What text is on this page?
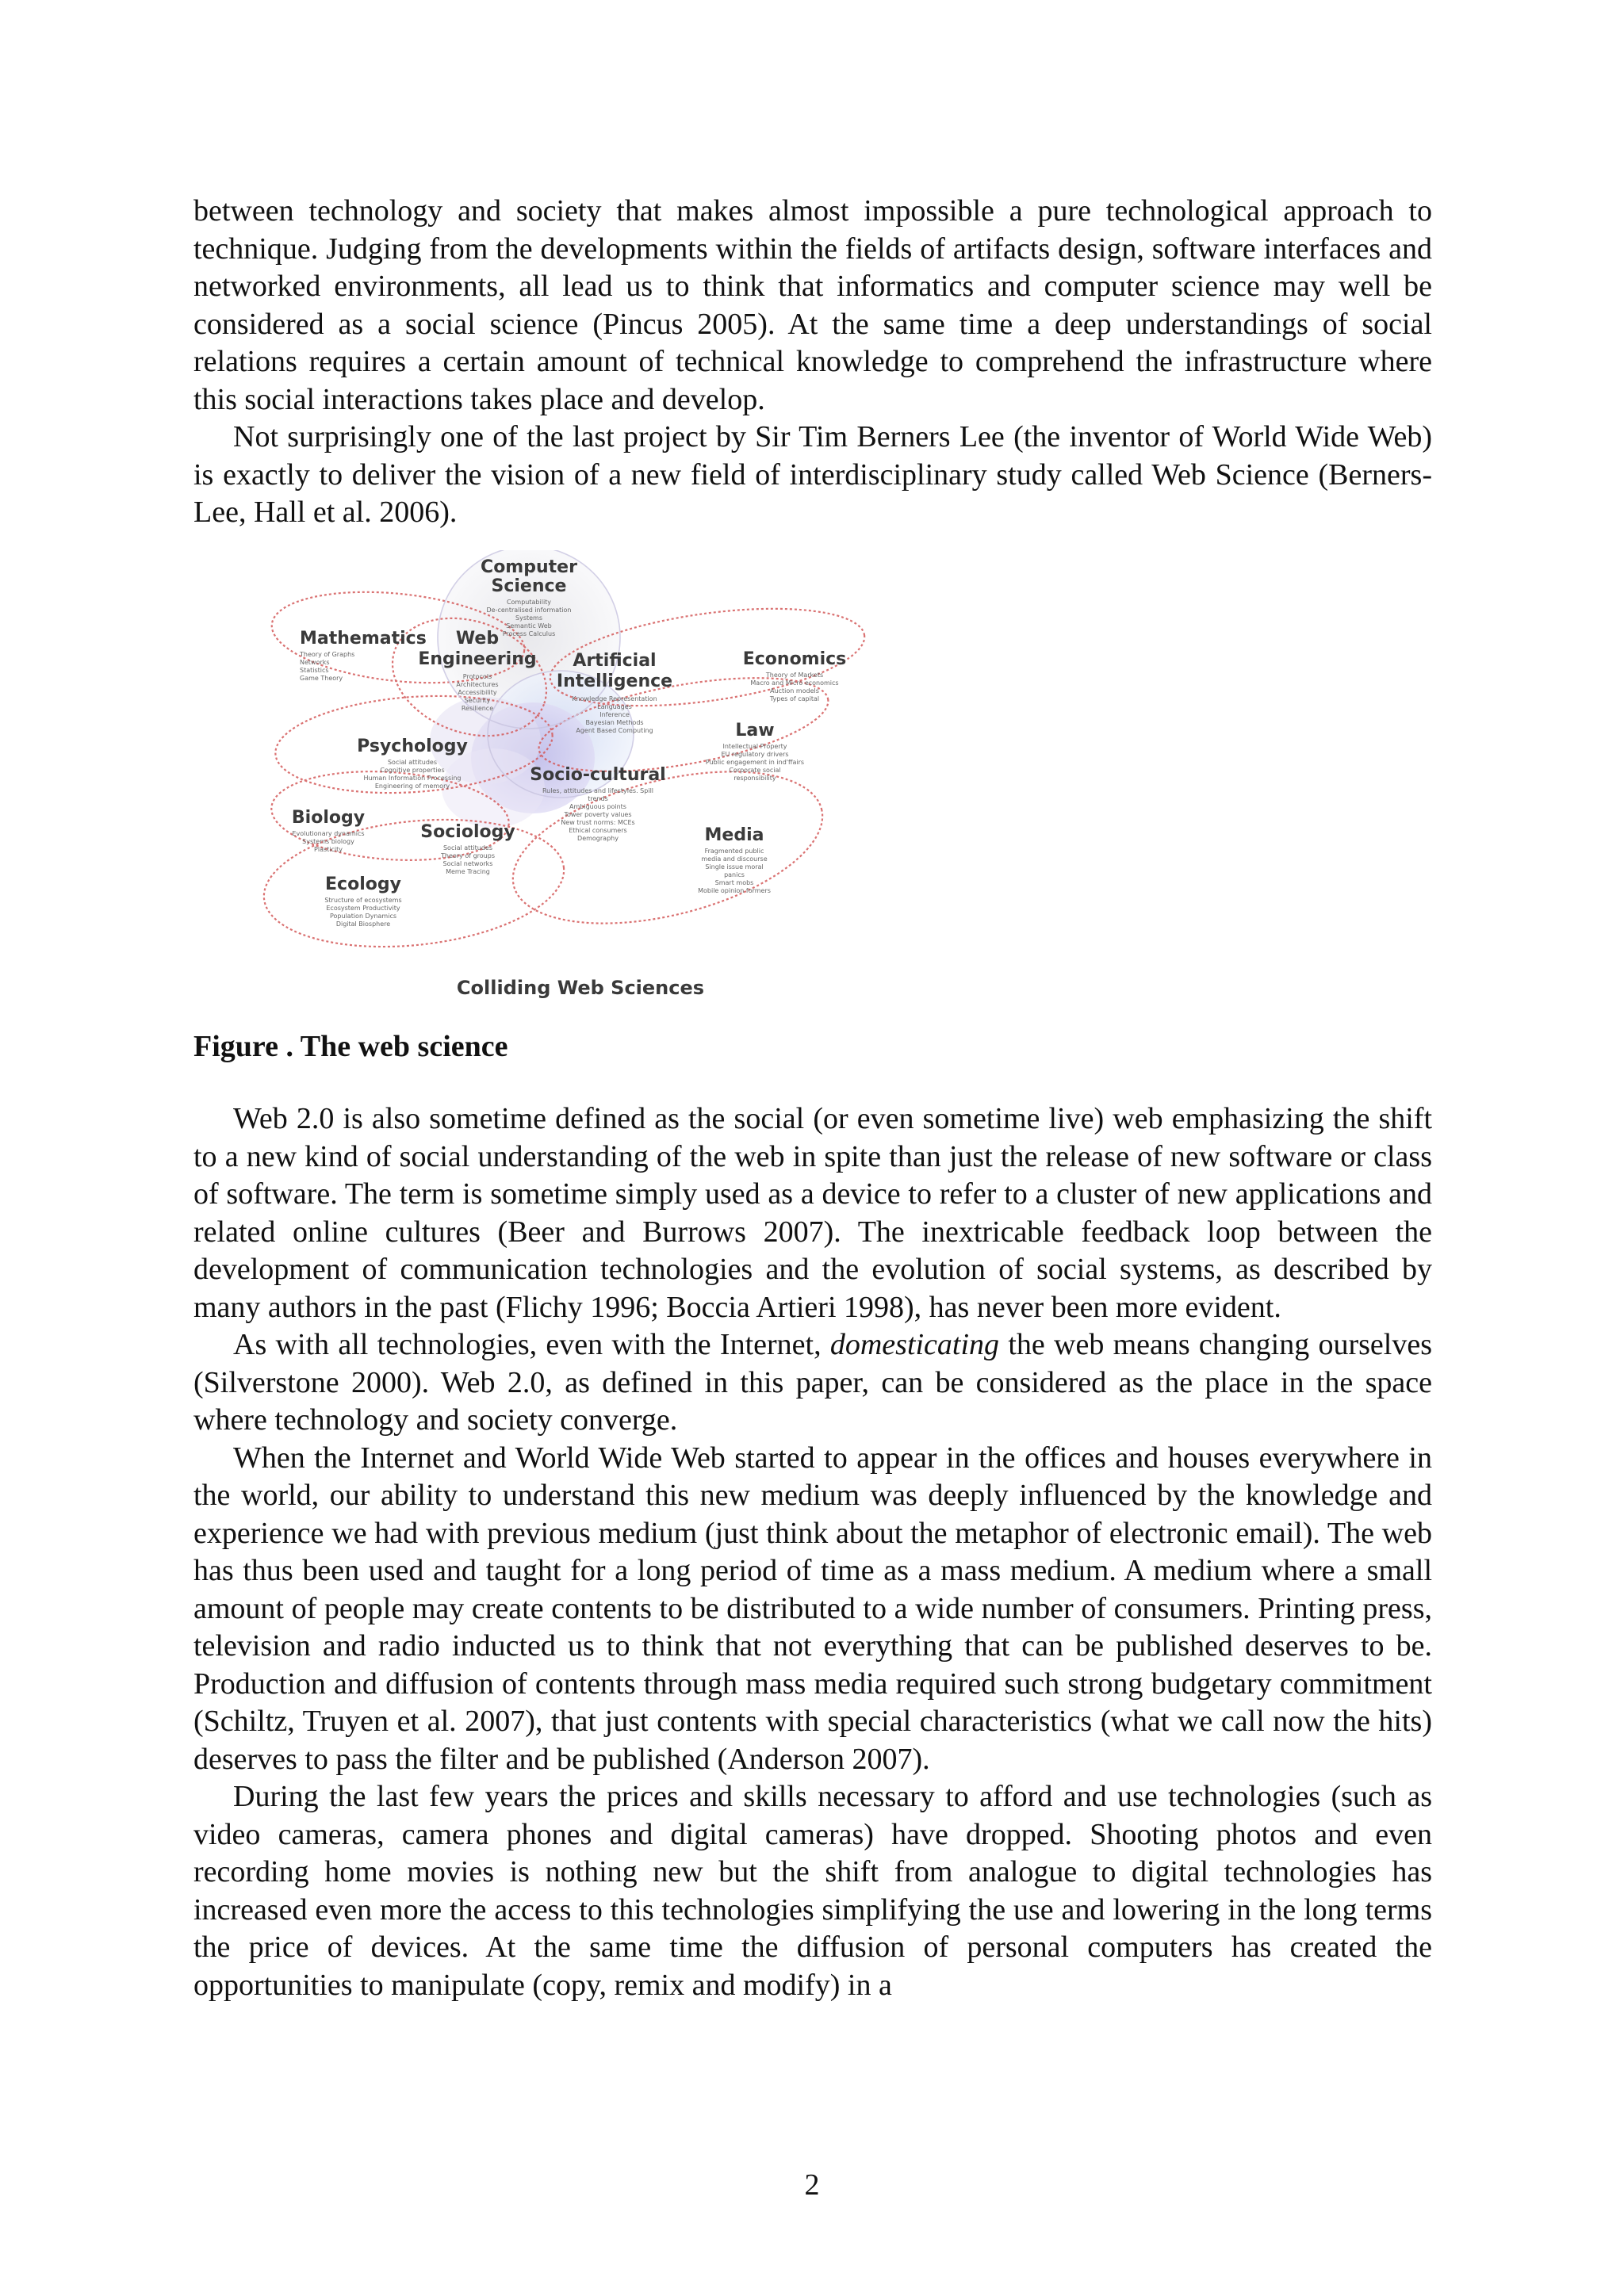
between technology and society that makes almost impossible a pure technological approach to technique. Judging from the developments within the fields of artifacts design, software interfaces and networked environments, all lead us to think that informatics and computer science may well be considered as a social science (Pincus 2005). At the same time a deep understandings of social relations requires a certain amount of technical knowledge to comprehend the infrastructure where this social interactions takes place and develop.

Not surprisingly one of the last project by Sir Tim Berners Lee (the inventor of World Wide Web) is exactly to deliver the vision of a new field of interdisciplinary study called Web Science (Berners-Lee, Hall et al. 2006).

Computer
Science
Computability
De-centralised information
Systems
Semantic Web
Process Calculus
Mathematics
Theory of Graphs
Networks
Statistics
Game Theory
Web
Engineering
Protocols
Architectures
Accessibility
Security
Resilience
Artificial
Intelligence
Knowledge Representation
Languages
Inference
Bayesian Methods
Agent Based Computing
Economics
Theory of Markets
Macro and Micro economics
Auction models
Types of capital
Law
Intellectual Property
EU regulatory drivers
Public engagement in ind'ffairs
Corporate social
responsibility
Psychology
Social attitudes
Cognitive properties
Human Information Processing
Engineering of memory
Socio-cultural
Rules, attitudes and lifestyles. Spill
trends
Ambiguous points
Tower poverty values
New trust norms: MCEs
Ethical consumers
Demography
Biology
Evolutionary dynamics
Systems biology
Plasticity
Sociology
Social attitudes
Theory of groups
Social networks
Meme Tracing
Media
Fragmented public
media and discourse
Single issue moral
panics
Smart mobs
Mobile opinion formers
Ecology
Structure of ecosystems
Ecosystem Productivity
Population Dynamics
Digital Biosphere
Colliding Web Sciences
Figure . The web science

Web 2.0 is also sometime defined as the social (or even sometime live) web emphasizing the shift to a new kind of social understanding of the web in spite than just the release of new software or class of software. The term is sometime simply used as a device to refer to a cluster of new applications and related online cultures (Beer and Burrows 2007). The inextricable feedback loop between the development of communication technologies and the evolution of social systems, as described by many authors in the past (Flichy 1996; Boccia Artieri 1998), has never been more evident.

As with all technologies, even with the Internet, domesticating the web means changing ourselves (Silverstone 2000). Web 2.0, as defined in this paper, can be considered as the place in the space where technology and society converge.

When the Internet and World Wide Web started to appear in the offices and houses everywhere in the world, our ability to understand this new medium was deeply influenced by the knowledge and experience we had with previous medium (just think about the metaphor of electronic email). The web has thus been used and taught for a long period of time as a mass medium. A medium where a small amount of people may create contents to be distributed to a wide number of consumers. Printing press, television and radio inducted us to think that not everything that can be published deserves to be. Production and diffusion of contents through mass media required such strong budgetary commitment (Schiltz, Truyen et al. 2007), that just contents with special characteristics (what we call now the hits) deserves to pass the filter and be published (Anderson 2007).

During the last few years the prices and skills necessary to afford and use technologies (such as video cameras, camera phones and digital cameras) have dropped. Shooting photos and even recording home movies is nothing new but the shift from analogue to digital technologies has increased even more the access to this technologies simplifying the use and lowering in the long terms the price of devices. At the same time the diffusion of personal computers has created the opportunities to manipulate (copy, remix and modify) in a

2
